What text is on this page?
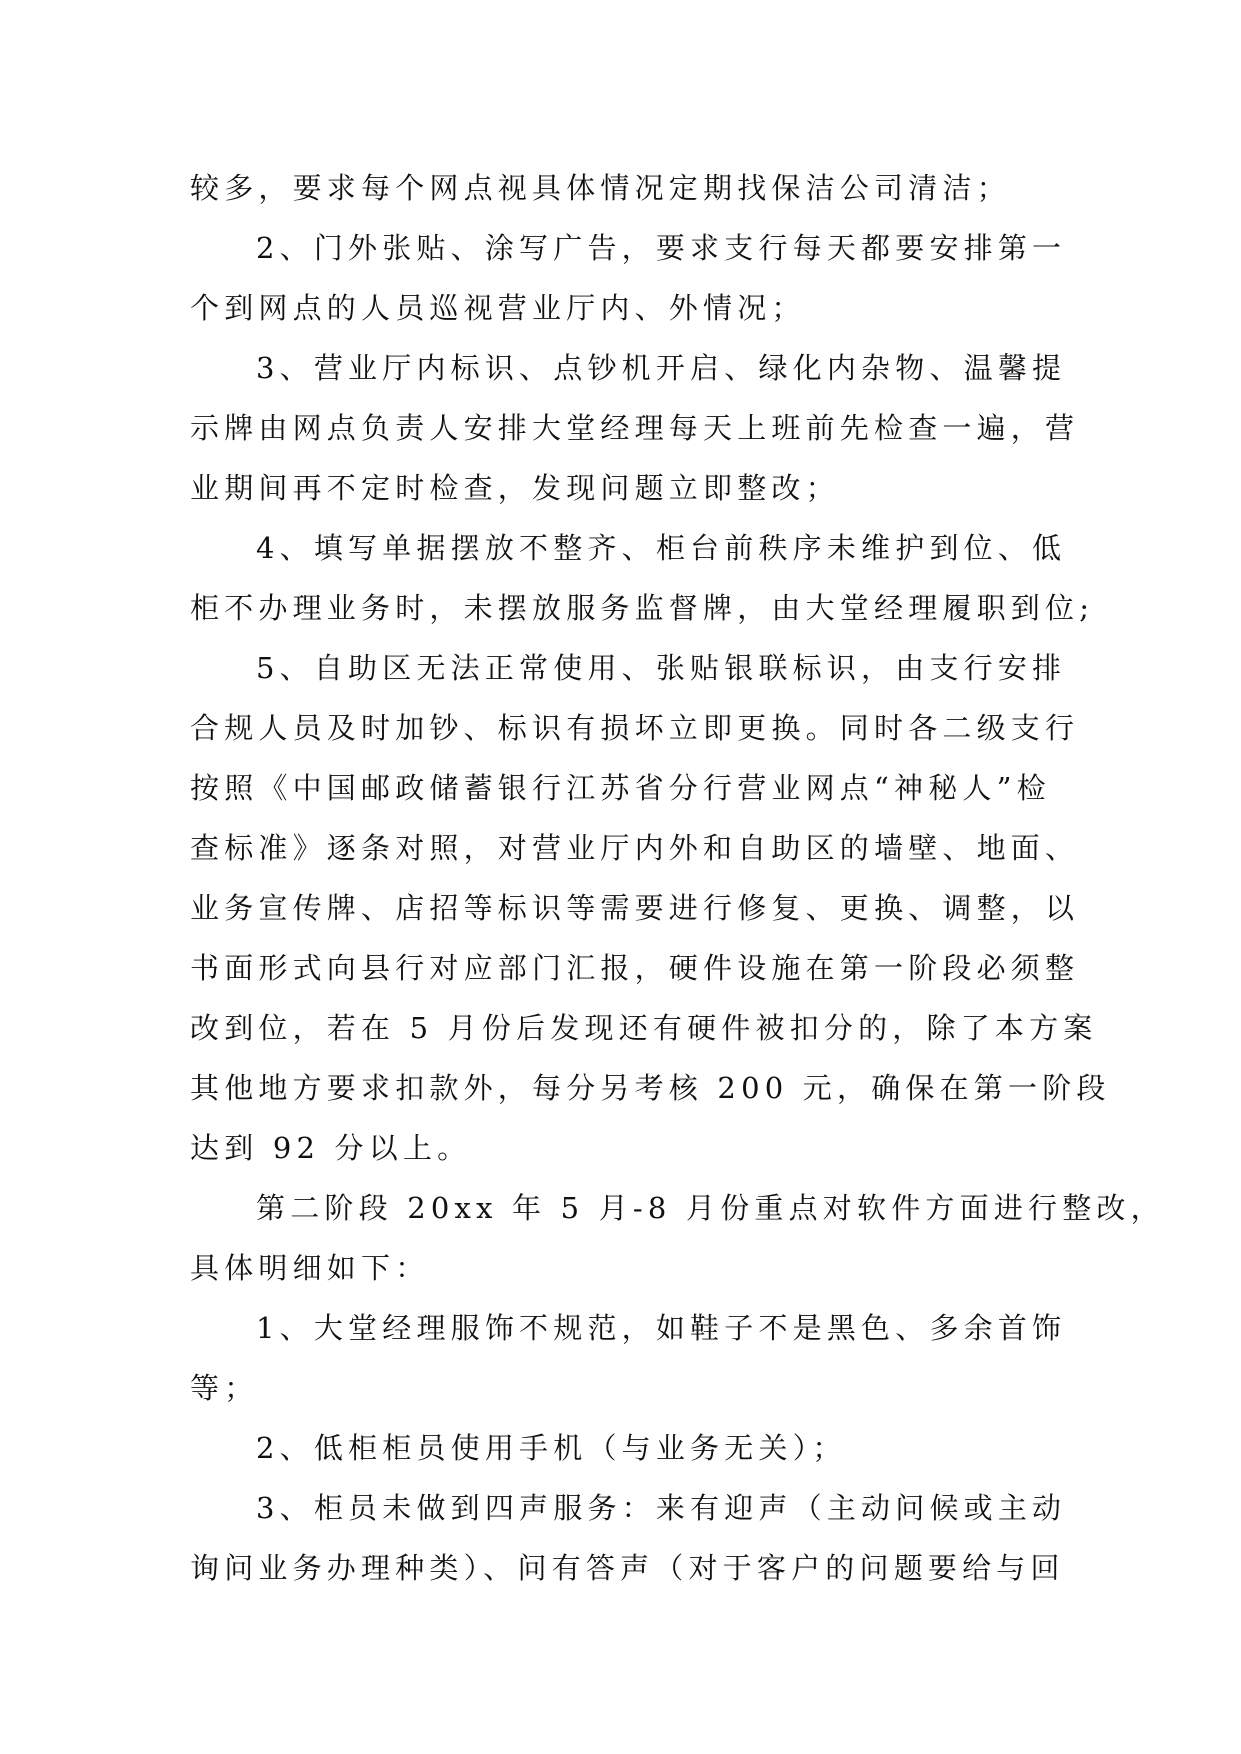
较多，要求每个网点视具体情况定期找保洁公司清洁；
2、门外张贴、涂写广告，要求支行每天都要安排第一
个到网点的人员巡视营业厅内、外情况；
3、营业厅内标识、点钞机开启、绿化内杂物、温馨提
示牌由网点负责人安排大堂经理每天上班前先检查一遍，营
业期间再不定时检查，发现问题立即整改；
4、填写单据摆放不整齐、柜台前秩序未维护到位、低
柜不办理业务时，未摆放服务监督牌，由大堂经理履职到位;
5、自助区无法正常使用、张贴银联标识，由支行安排
合规人员及时加钞、标识有损坏立即更换。同时各二级支行
按照《中国邮政储蓄银行江苏省分行营业网点“神秘人”检
查标准》逐条对照，对营业厅内外和自助区的墙壁、地面、
业务宣传牌、店招等标识等需要进行修复、更换、调整，以
书面形式向县行对应部门汇报，硬件设施在第一阶段必须整
改到位，若在 5 月份后发现还有硬件被扣分的，除了本方案
其他地方要求扣款外，每分另考核 200 元，确保在第一阶段
达到 92 分以上。
第二阶段 20xx 年 5 月-8 月份重点对软件方面进行整改，
具体明细如下：
1、大堂经理服饰不规范，如鞋子不是黑色、多余首饰
等；
2、低柜柜员使用手机（与业务无关）；
3、柜员未做到四声服务：来有迎声（主动问候或主动
询问业务办理种类）、问有答声（对于客户的问题要给与回
